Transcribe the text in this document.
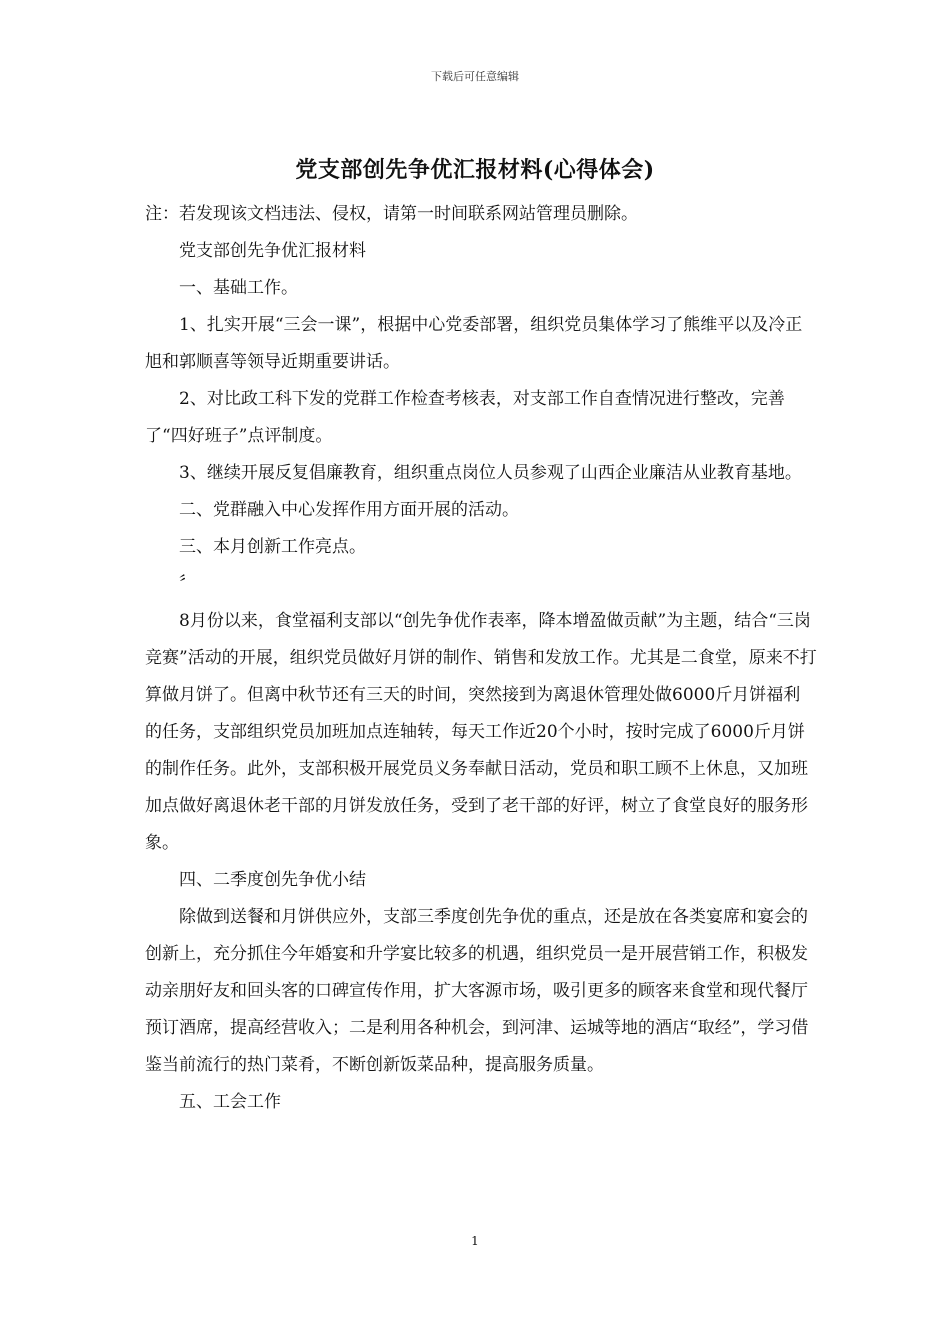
下载后可任意编辑
党支部创先争优汇报材料(心得体会)

注：若发现该文档违法、侵权，请第一时间联系网站管理员删除。

党支部创先争优汇报材料

一、基础工作。

1、扎实开展“三会一课”，根据中心党委部署，组织党员集体学习了熊维平以及冷正旭和郭顺喜等领导近期重要讲话。

2、对比政工科下发的党群工作检查考核表，对支部工作自查情况进行整改，完善了“四好班子”点评制度。

3、继续开展反复倡廉教育，组织重点岗位人员参观了山西企业廉洁从业教育基地。

二、党群融入中心发挥作用方面开展的活动。

三、本月创新工作亮点。

〞

8月份以来，食堂福利支部以“创先争优作表率，降本增盈做贡献”为主题，结合“三岗竞赛”活动的开展，组织党员做好月饼的制作、销售和发放工作。尤其是二食堂，原来不打算做月饼了。但离中秋节还有三天的时间，突然接到为离退休管理处做6000斤月饼福利的任务，支部组织党员加班加点连轴转，每天工作近20个小时，按时完成了6000斤月饼的制作任务。此外，支部积极开展党员义务奉献日活动，党员和职工顾不上休息，又加班加点做好离退休老干部的月饼发放任务，受到了老干部的好评，树立了食堂良好的服务形象。

四、二季度创先争优小结

除做到送餐和月饼供应外，支部三季度创先争优的重点，还是放在各类宴席和宴会的创新上，充分抓住今年婚宴和升学宴比较多的机遇，组织党员一是开展营销工作，积极发动亲朋好友和回头客的口碑宣传作用，扩大客源市场，吸引更多的顾客来食堂和现代餐厅预订酒席，提高经营收入；二是利用各种机会，到河津、运城等地的酒店“取经”，学习借鉴当前流行的热门菜肴，不断创新饭菜品种，提高服务质量。

五、工会工作

1
